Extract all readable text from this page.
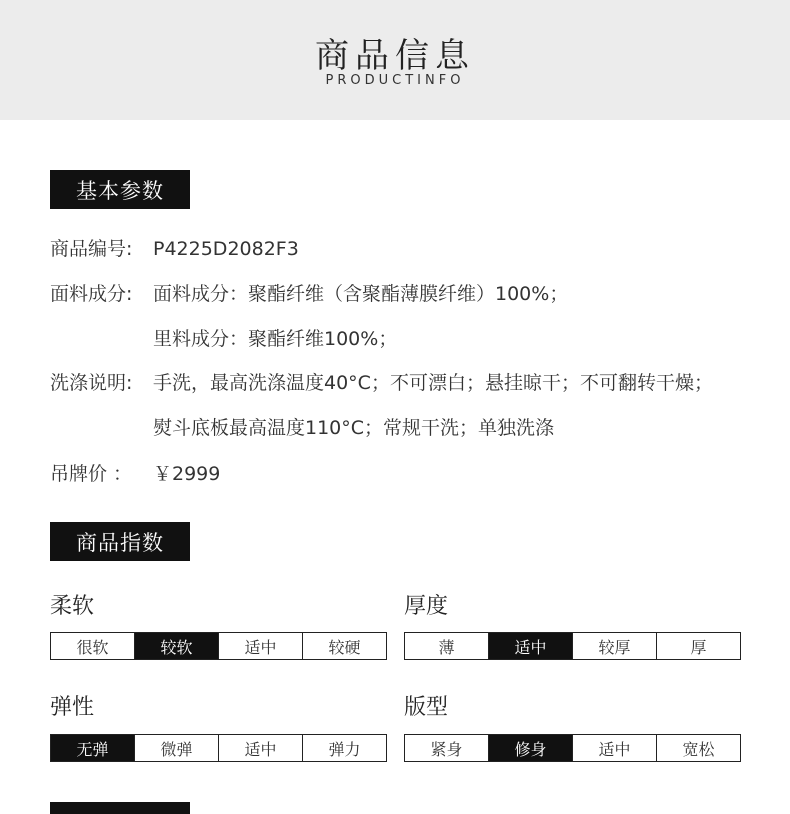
商品信息
PRODUCTINFO
基本参数
商品编号: P4225D2082F3
面料成分: 面料成分：聚酯纤维（含聚酯薄膜纤维）100%；
里料成分：聚酯纤维100%；
洗涤说明: 手洗，最高洗涤温度40°C；不可漂白；悬挂晾干；不可翻转干燥；
熨斗底板最高温度110°C；常规干洗；单独洗涤
吊牌价 ： ￥2999
商品指数
柔软
很软	较软	适中	较硬
厚度
薄	适中	较厚	厚
弹性
无弹	微弹	适中	弹力
版型
紧身	修身	适中	宽松
